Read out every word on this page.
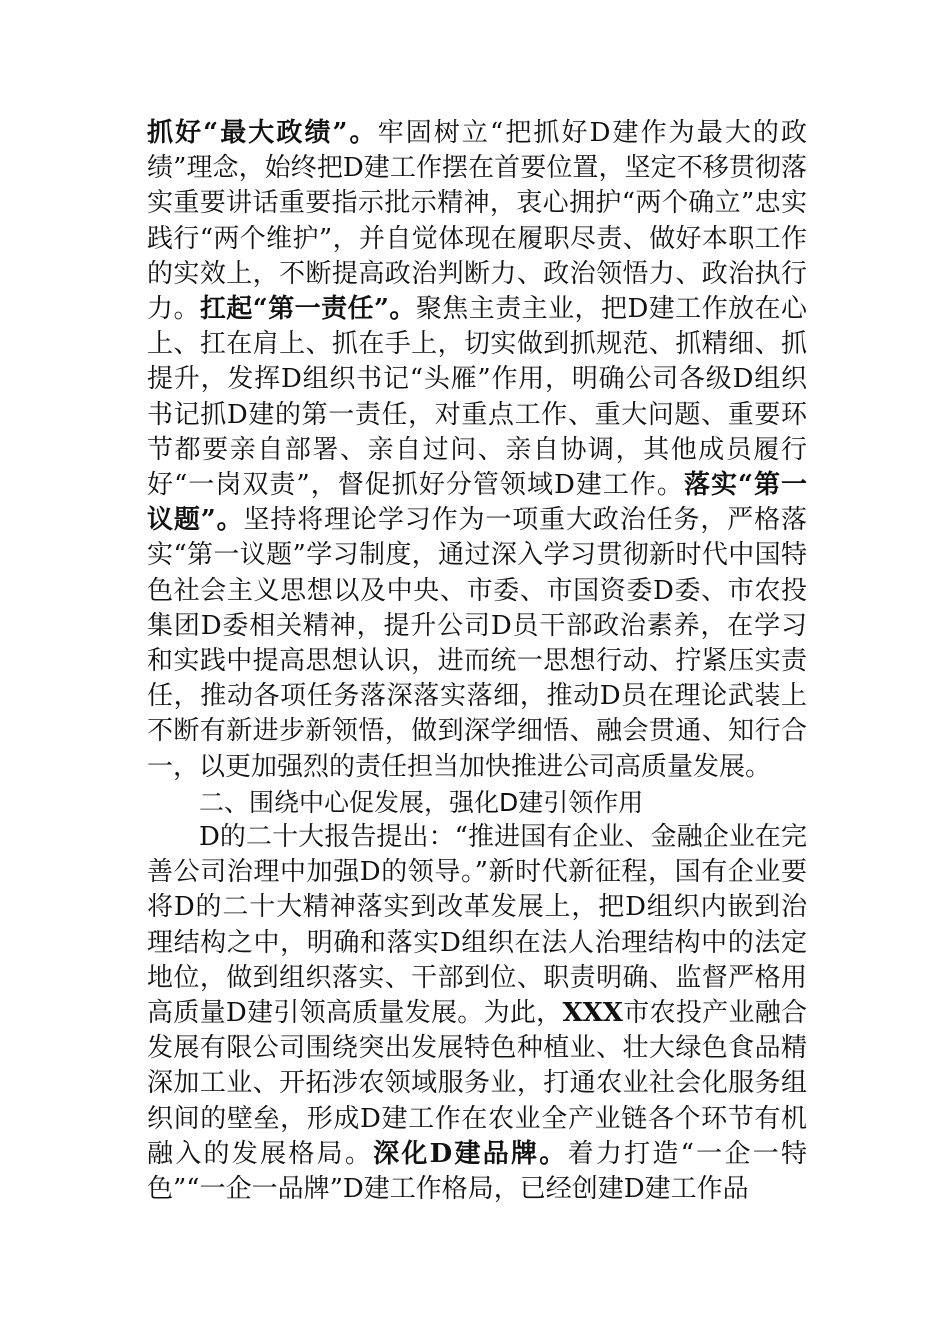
抓好“最大政绩”。牢固树立“把抓好D建作为最大的政绩”理念，始终把D建工作摆在首要位置，坚定不移贯彻落实重要讲话重要指示批示精神，衷心拥护“两个确立”忠实践行“两个维护”，并自觉体现在履职尽责、做好本职工作的实效上，不断提高政治判断力、政治领悟力、政治执行力。扛起“第一责任”。聚焦主责主业，把D建工作放在心上、扛在肩上、抓在手上，切实做到抓规范、抓精细、抓提升，发挥D组织书记“头雁”作用，明确公司各级D组织书记抓D建的第一责任，对重点工作、重大问题、重要环节都要亲自部署、亲自过问、亲自协调，其他成员履行好“一岗双责”，督促抓好分管领域D建工作。落实“第一议题”。坚持将理论学习作为一项重大政治任务，严格落实“第一议题”学习制度，通过深入学习贯彻新时代中国特色社会主义思想以及中央、市委、市国资委D委、市农投集团D委相关精神，提升公司D员干部政治素养，在学习和实践中提高思想认识，进而统一思想行动、拧紧压实责任，推动各项任务落深落实落细，推动D员在理论武装上不断有新进步新领悟，做到深学细悟、融会贯通、知行合一，以更加强烈的责任担当加快推进公司高质量发展。

二、围绕中心促发展，强化D建引领作用

D的二十大报告提出：“推进国有企业、金融企业在完善公司治理中加强D的领导。”新时代新征程，国有企业要将D的二十大精神落实到改革发展上，把D组织内嵌到治理结构之中，明确和落实D组织在法人治理结构中的法定地位，做到组织落实、干部到位、职责明确、监督严格用高质量D建引领高质量发展。为此，XXX市农投产业融合发展有限公司围绕突出发展特色种植业、壮大绿色食品精深加工业、开拓涉农领域服务业，打通农业社会化服务组织间的壁垒，形成D建工作在农业全产业链各个环节有机融入的发展格局。深化D建品牌。着力打造“一企一特色”“一企一品牌”D建工作格局，已经创建D建工作品
